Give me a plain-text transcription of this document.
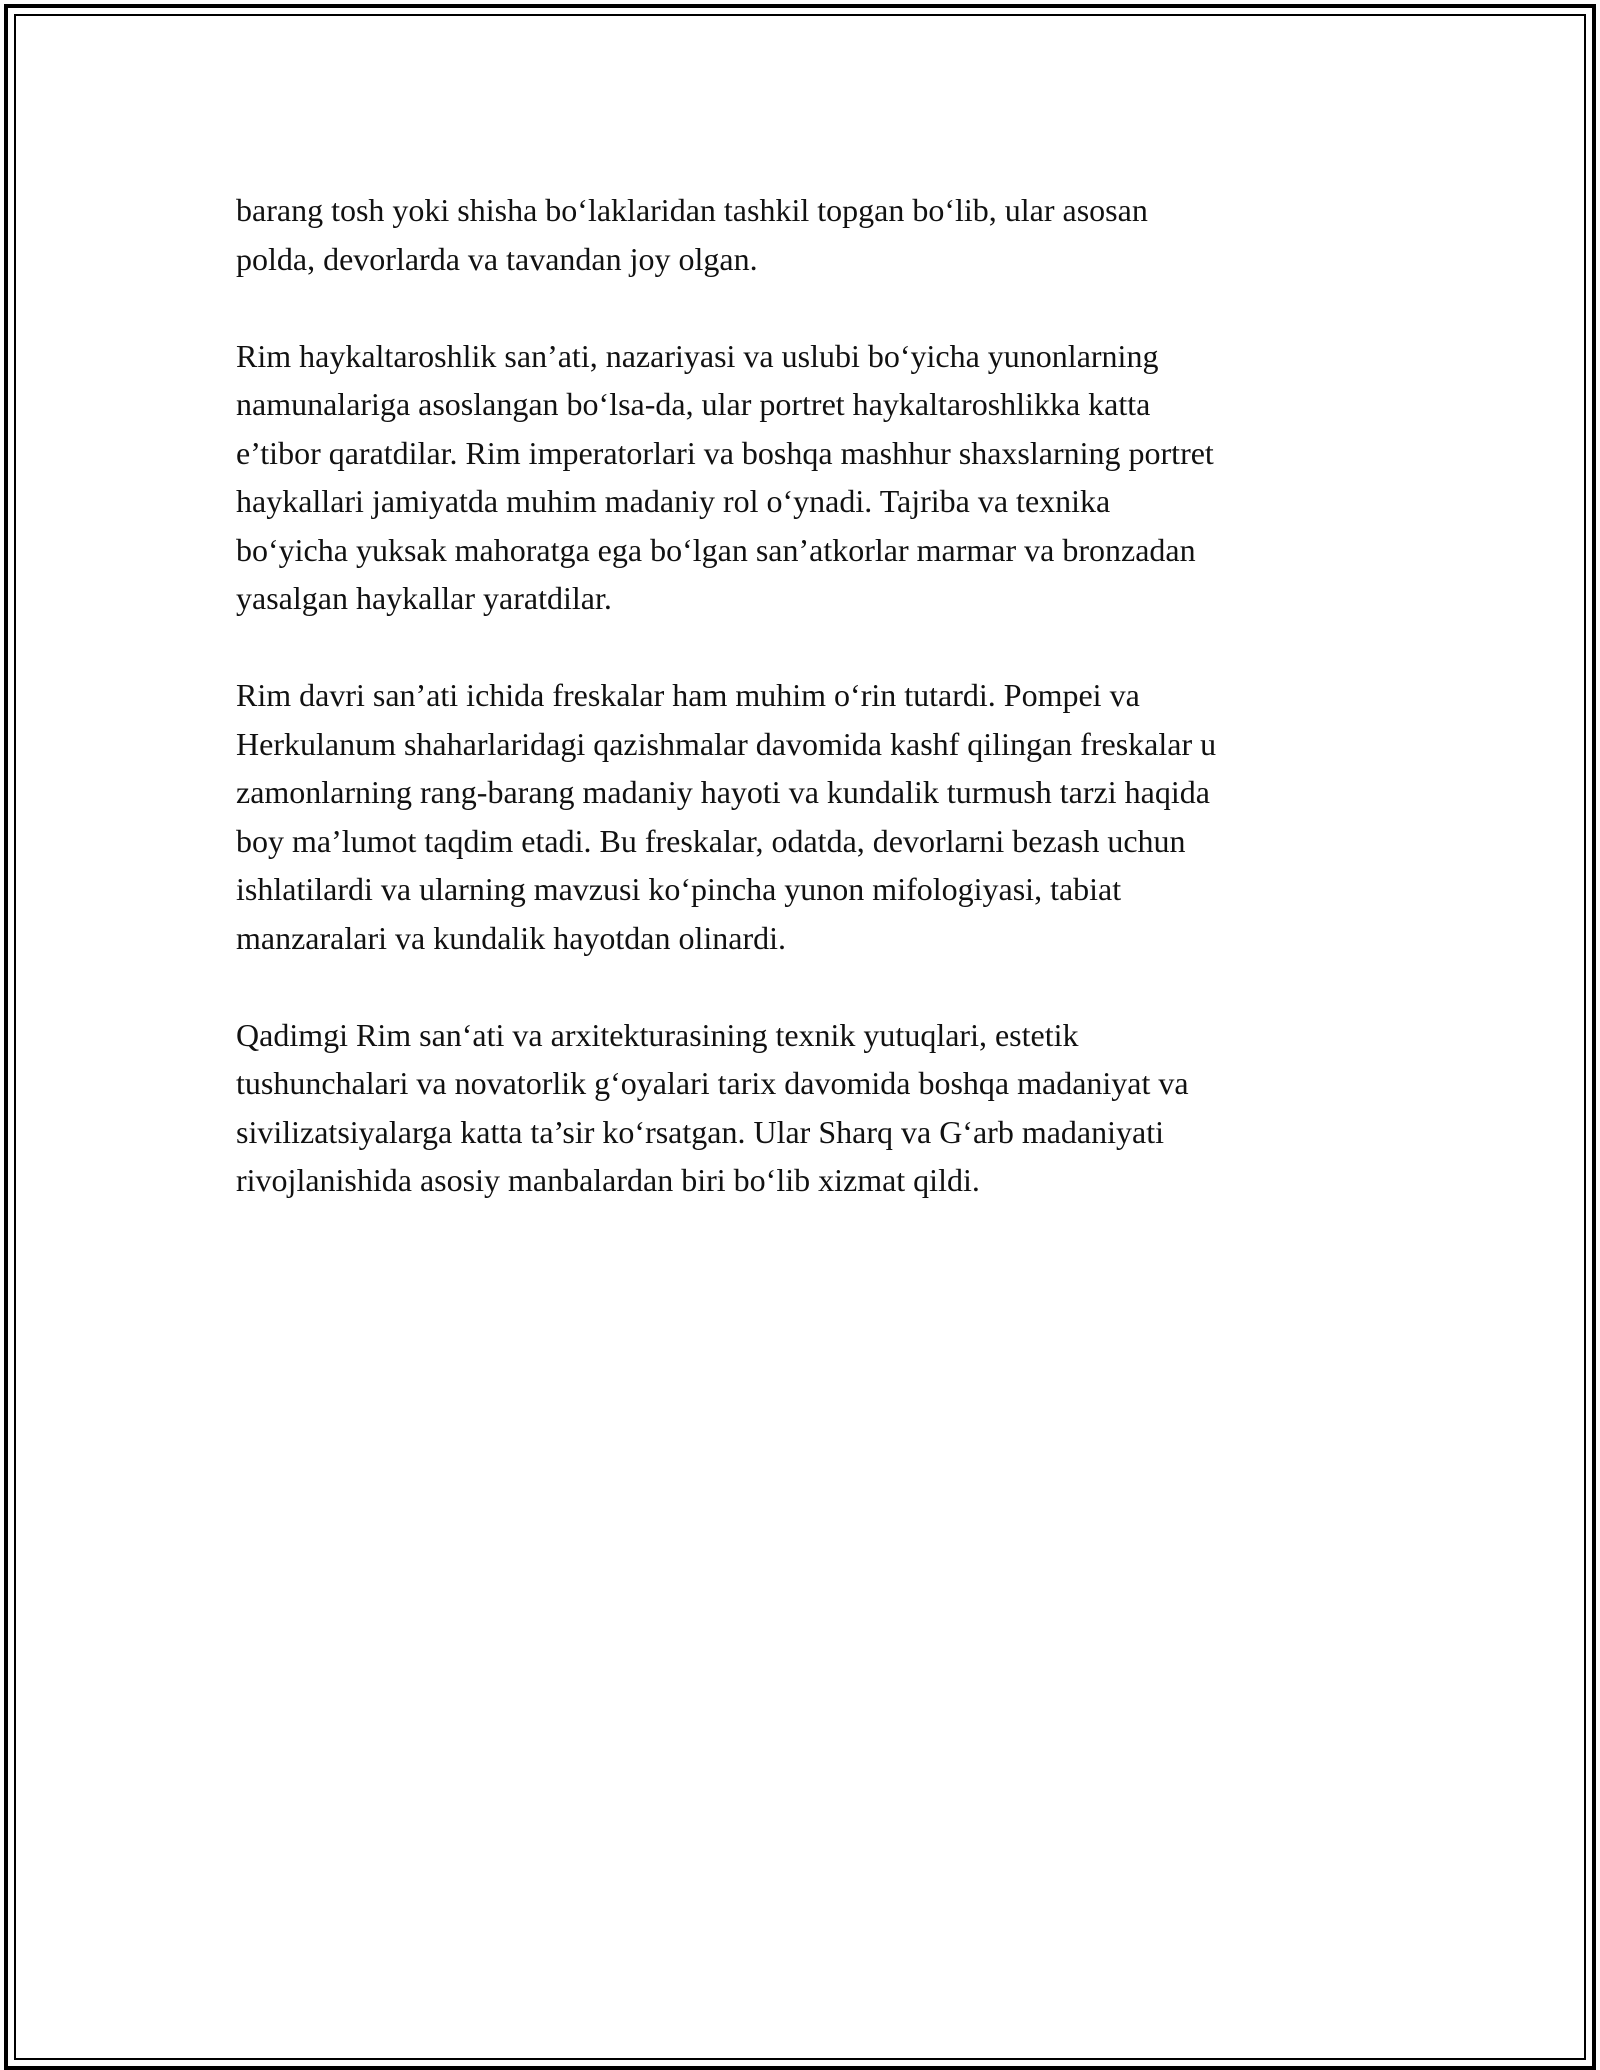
barang tosh yoki shisha bo‘laklaridan tashkil topgan bo‘lib, ular asosan
polda, devorlarda va tavandan joy olgan.

Rim haykaltaroshlik san’ati, nazariyasi va uslubi bo‘yicha yunonlarning
namunalariga asoslangan bo‘lsa-da, ular portret haykaltaroshlikka katta
e’tibor qaratdilar. Rim imperatorlari va boshqa mashhur shaxslarning portret
haykallari jamiyatda muhim madaniy rol o‘ynadi. Tajriba va texnika
bo‘yicha yuksak mahoratga ega bo‘lgan san’atkorlar marmar va bronzadan
yasalgan haykallar yaratdilar.

Rim davri san’ati ichida freskalar ham muhim o‘rin tutardi. Pompei va
Herkulanum shaharlaridagi qazishmalar davomida kashf qilingan freskalar u
zamonlarning rang-barang madaniy hayoti va kundalik turmush tarzi haqida
boy ma’lumot taqdim etadi. Bu freskalar, odatda, devorlarni bezash uchun
ishlatilardi va ularning mavzusi ko‘pincha yunon mifologiyasi, tabiat
manzaralari va kundalik hayotdan olinardi.

Qadimgi Rim san‘ati va arxitekturasining texnik yutuqlari, estetik
tushunchalari va novatorlik g‘oyalari tarix davomida boshqa madaniyat va
sivilizatsiyalarga katta ta’sir ko‘rsatgan. Ular Sharq va G‘arb madaniyati
rivojlanishida asosiy manbalardan biri bo‘lib xizmat qildi.
